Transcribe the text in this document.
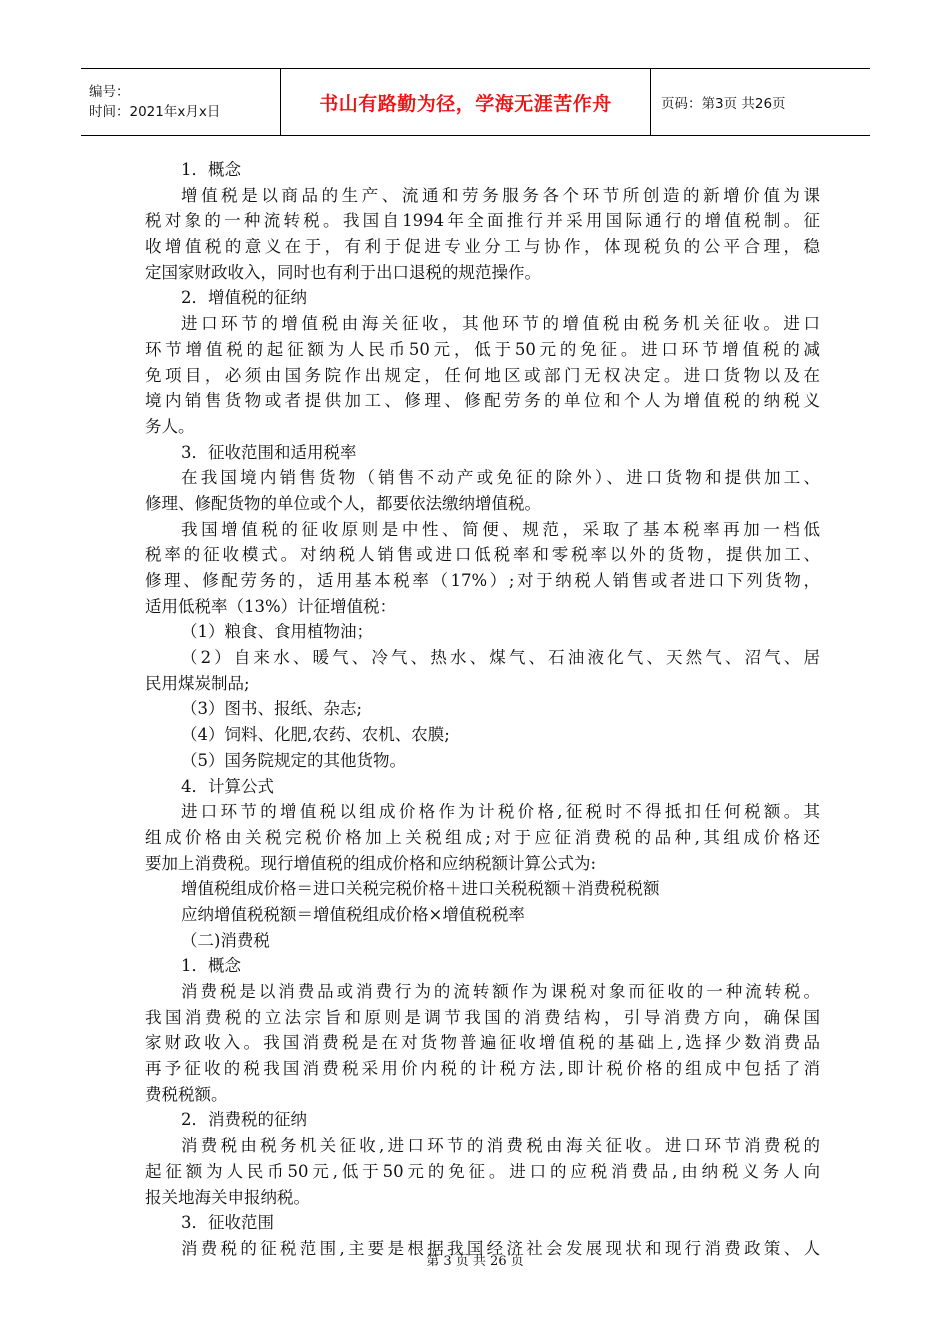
编号：
时间：2021年x月x日	书山有路勤为径，学海无涯苦作舟	页码：第3页 共26页
1．概念
增值税是以商品的生产、流通和劳务服务各个环节所创造的新增价值为课
税对象的一种流转税。我国自1994年全面推行并采用国际通行的增值税制。征
收增值税的意义在于，有利于促进专业分工与协作，体现税负的公平合理，稳
定国家财政收入，同时也有利于出口退税的规范操作。
2．增值税的征纳
进口环节的增值税由海关征收，其他环节的增值税由税务机关征收。进口
环节增值税的起征额为人民币50元，低于50元的免征。进口环节增值税的减
免项目，必须由国务院作出规定，任何地区或部门无权决定。进口货物以及在
境内销售货物或者提供加工、修理、修配劳务的单位和个人为增值税的纳税义
务人。
3．征收范围和适用税率
在我国境内销售货物（销售不动产或免征的除外）、进口货物和提供加工、
修理、修配货物的单位或个人，都要依法缴纳增值税。
我国增值税的征收原则是中性、简便、规范，采取了基本税率再加一档低
税率的征收模式。对纳税人销售或进口低税率和零税率以外的货物，提供加工、
修理、修配劳务的，适用基本税率（17%）;对于纳税人销售或者进口下列货物，
适用低税率（13%）计征增值税：
（1）粮食、食用植物油；
（2）自来水、暖气、冷气、热水、煤气、石油液化气、天然气、沼气、居
民用煤炭制品;
（3）图书、报纸、杂志;
（4）饲料、化肥,农药、农机、农膜;
（5）国务院规定的其他货物。
4．计算公式
进口环节的增值税以组成价格作为计税价格,征税时不得抵扣任何税额。其
组成价格由关税完税价格加上关税组成;对于应征消费税的品种,其组成价格还
要加上消费税。现行增值税的组成价格和应纳税额计算公式为:
增值税组成价格＝进口关税完税价格＋进口关税税额＋消费税税额
应纳增值税税额＝增值税组成价格×增值税税率
（二)消费税
1．概念
消费税是以消费品或消费行为的流转额作为课税对象而征收的一种流转税。
我国消费税的立法宗旨和原则是调节我国的消费结构，引导消费方向，确保国
家财政收入。我国消费税是在对货物普遍征收增值税的基础上,选择少数消费品
再予征收的税我国消费税采用价内税的计税方法,即计税价格的组成中包括了消
费税税额。
2．消费税的征纳
消费税由税务机关征收,进口环节的消费税由海关征收。进口环节消费税的
起征额为人民币50元,低于50元的免征。进口的应税消费品,由纳税义务人向
报关地海关申报纳税。
3．征收范围
消费税的征税范围,主要是根据我国经济社会发展现状和现行消费政策、人
第 3 页 共 26 页
